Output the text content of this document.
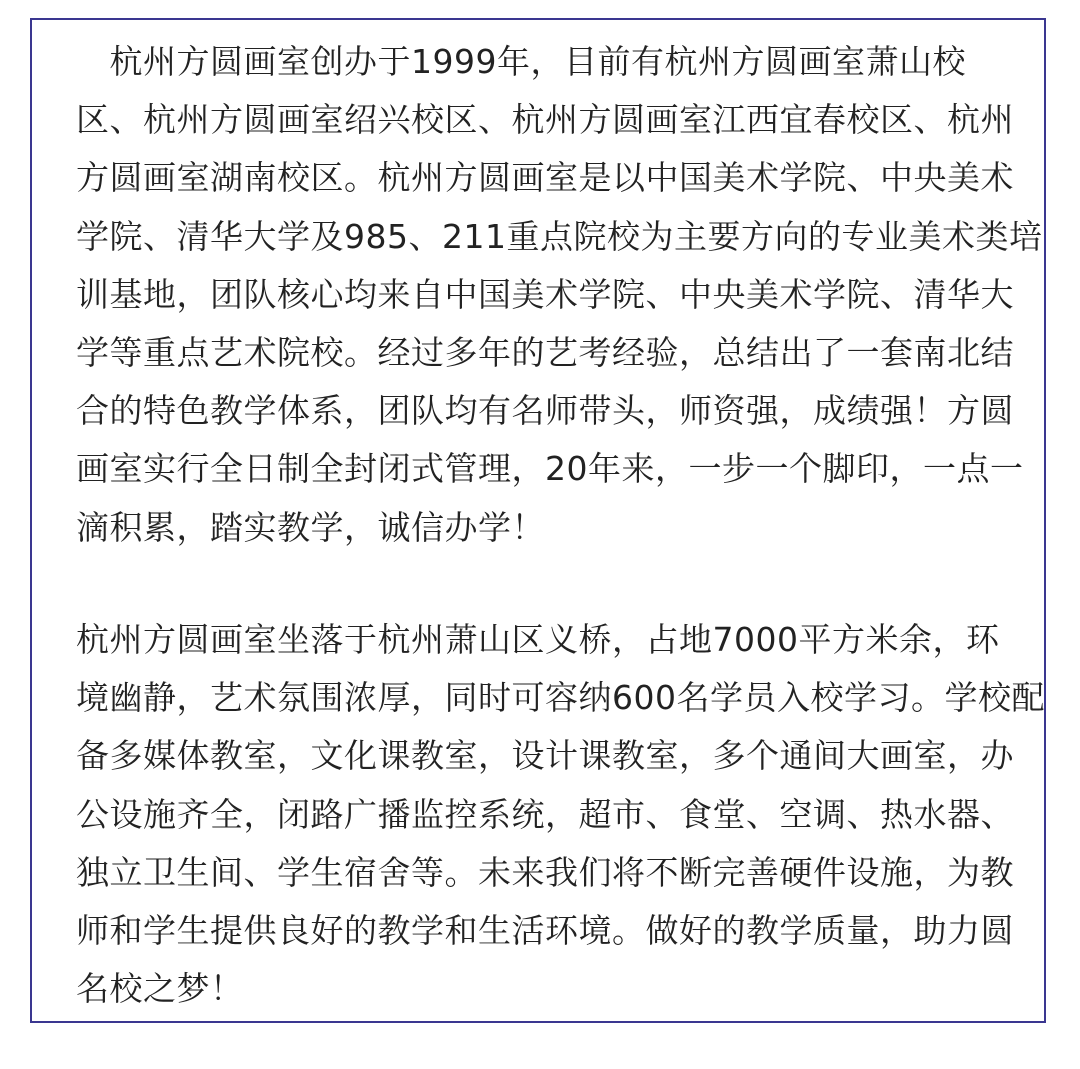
　杭州方圆画室创办于1999年，目前有杭州方圆画室萧山校
区、杭州方圆画室绍兴校区、杭州方圆画室江西宜春校区、杭州
方圆画室湖南校区。杭州方圆画室是以中国美术学院、中央美术
学院、清华大学及985、211重点院校为主要方向的专业美术类培
训基地，团队核心均来自中国美术学院、中央美术学院、清华大
学等重点艺术院校。经过多年的艺考经验，总结出了一套南北结
合的特色教学体系，团队均有名师带头，师资强，成绩强！方圆
画室实行全日制全封闭式管理，20年来，一步一个脚印，一点一
滴积累，踏实教学，诚信办学！
杭州方圆画室坐落于杭州萧山区义桥，占地7000平方米余，环
境幽静，艺术氛围浓厚，同时可容纳600名学员入校学习。学校配
备多媒体教室，文化课教室，设计课教室，多个通间大画室，办
公设施齐全，闭路广播监控系统，超市、食堂、空调、热水器、
独立卫生间、学生宿舍等。未来我们将不断完善硬件设施，为教
师和学生提供良好的教学和生活环境。做好的教学质量，助力圆
名校之梦！
